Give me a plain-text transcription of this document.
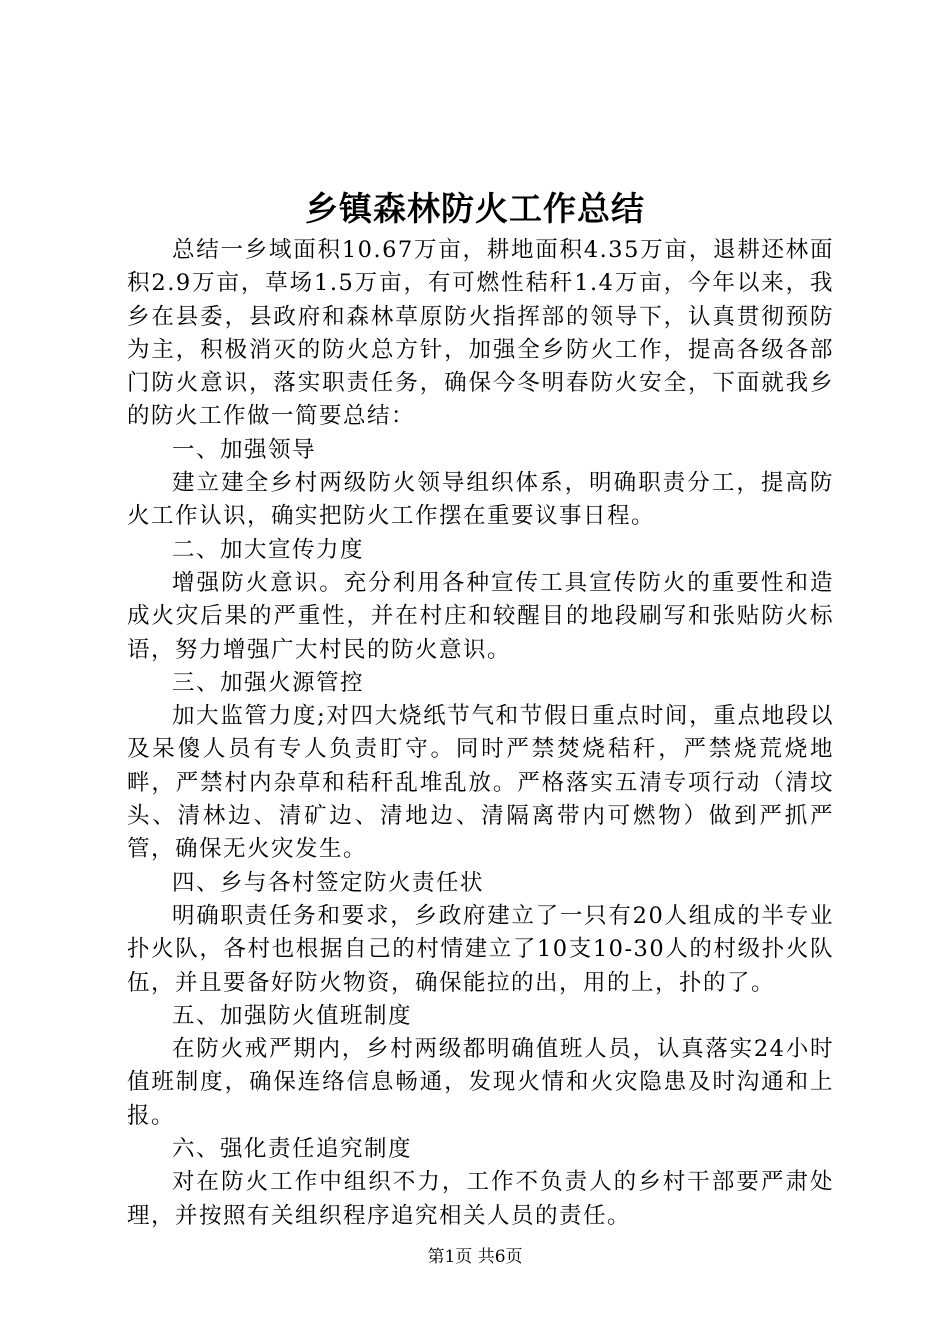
乡镇森林防火工作总结

总结一乡域面积10.67万亩，耕地面积4.35万亩，退耕还林面积2.9万亩，草场1.5万亩，有可燃性秸秆1.4万亩，今年以来，我乡在县委，县政府和森林草原防火指挥部的领导下，认真贯彻预防为主，积极消灭的防火总方针，加强全乡防火工作，提高各级各部门防火意识，落实职责任务，确保今冬明春防火安全，下面就我乡的防火工作做一简要总结：

一、加强领导

建立建全乡村两级防火领导组织体系，明确职责分工，提高防火工作认识，确实把防火工作摆在重要议事日程。

二、加大宣传力度

增强防火意识。充分利用各种宣传工具宣传防火的重要性和造成火灾后果的严重性，并在村庄和较醒目的地段刷写和张贴防火标语，努力增强广大村民的防火意识。

三、加强火源管控

加大监管力度;对四大烧纸节气和节假日重点时间，重点地段以及呆傻人员有专人负责盯守。同时严禁焚烧秸秆，严禁烧荒烧地畔，严禁村内杂草和秸秆乱堆乱放。严格落实五清专项行动（清坟头、清林边、清矿边、清地边、清隔离带内可燃物）做到严抓严管，确保无火灾发生。

四、乡与各村签定防火责任状

明确职责任务和要求，乡政府建立了一只有20人组成的半专业扑火队，各村也根据自己的村情建立了10支10-30人的村级扑火队伍，并且要备好防火物资，确保能拉的出，用的上，扑的了。

五、加强防火值班制度

在防火戒严期内，乡村两级都明确值班人员，认真落实24小时值班制度，确保连络信息畅通，发现火情和火灾隐患及时沟通和上报。

六、强化责任追究制度

对在防火工作中组织不力，工作不负责人的乡村干部要严肃处理，并按照有关组织程序追究相关人员的责任。

第1页 共6页
